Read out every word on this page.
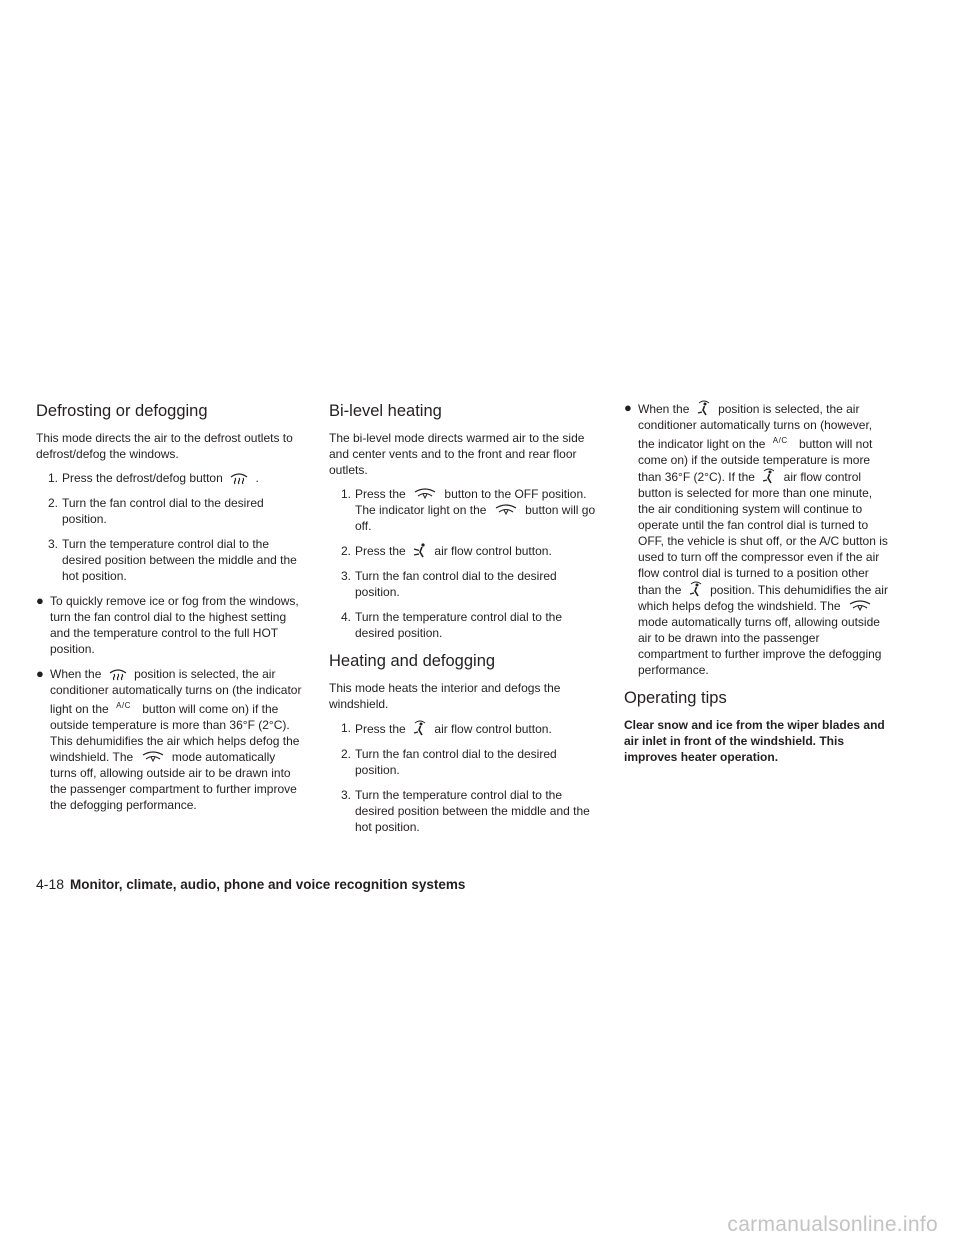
Defrosting or defogging

This mode directs the air to the defrost outlets to defrost/defog the windows.

1. Press the defrost/defog button	.
2. Turn the fan control dial to the desired position.
3. Turn the temperature control dial to the desired position between the middle and the hot position.
● To quickly remove ice or fog from the windows, turn the fan control dial to the highest setting and the temperature control to the full HOT position.
● When the	position is selected, the air conditioner automatically turns on (the indicator light on the A/C button will come on) if the outside temperature is more than 36°F (2°C). This dehumidifies the air which helps defog the windshield. The	mode automatically turns off, allowing outside air to be drawn into the passenger compartment to further improve the defogging performance.
Bi-level heating

The bi-level mode directs warmed air to the side and center vents and to the front and rear floor outlets.

1. Press the	button to the OFF position. The indicator light on the	button will go off.
2. Press the air flow control button.
3. Turn the fan control dial to the desired position.
4. Turn the temperature control dial to the desired position.
Heating and defogging

This mode heats the interior and defogs the windshield.

1. Press the air flow control button.
2. Turn the fan control dial to the desired position.
3. Turn the temperature control dial to the desired position between the middle and the hot position.
● When the position is selected, the air conditioner automatically turns on (however, the indicator light on the A/C button will not come on) if the outside temperature is more than 36°F (2°C). If the air flow control button is selected for more than one minute, the air conditioning system will continue to operate until the fan control dial is turned to OFF, the vehicle is shut off, or the A/C button is used to turn off the compressor even if the air flow control dial is turned to a position other than the position. This dehumidifies the air which helps defog the windshield. The  mode automatically turns off, allowing outside air to be drawn into the passenger compartment to further improve the defogging performance.
Operating tips

Clear snow and ice from the wiper blades and air inlet in front of the windshield. This improves heater operation.

4-18 Monitor, climate, audio, phone and voice recognition systems
carmanualsonline.info
